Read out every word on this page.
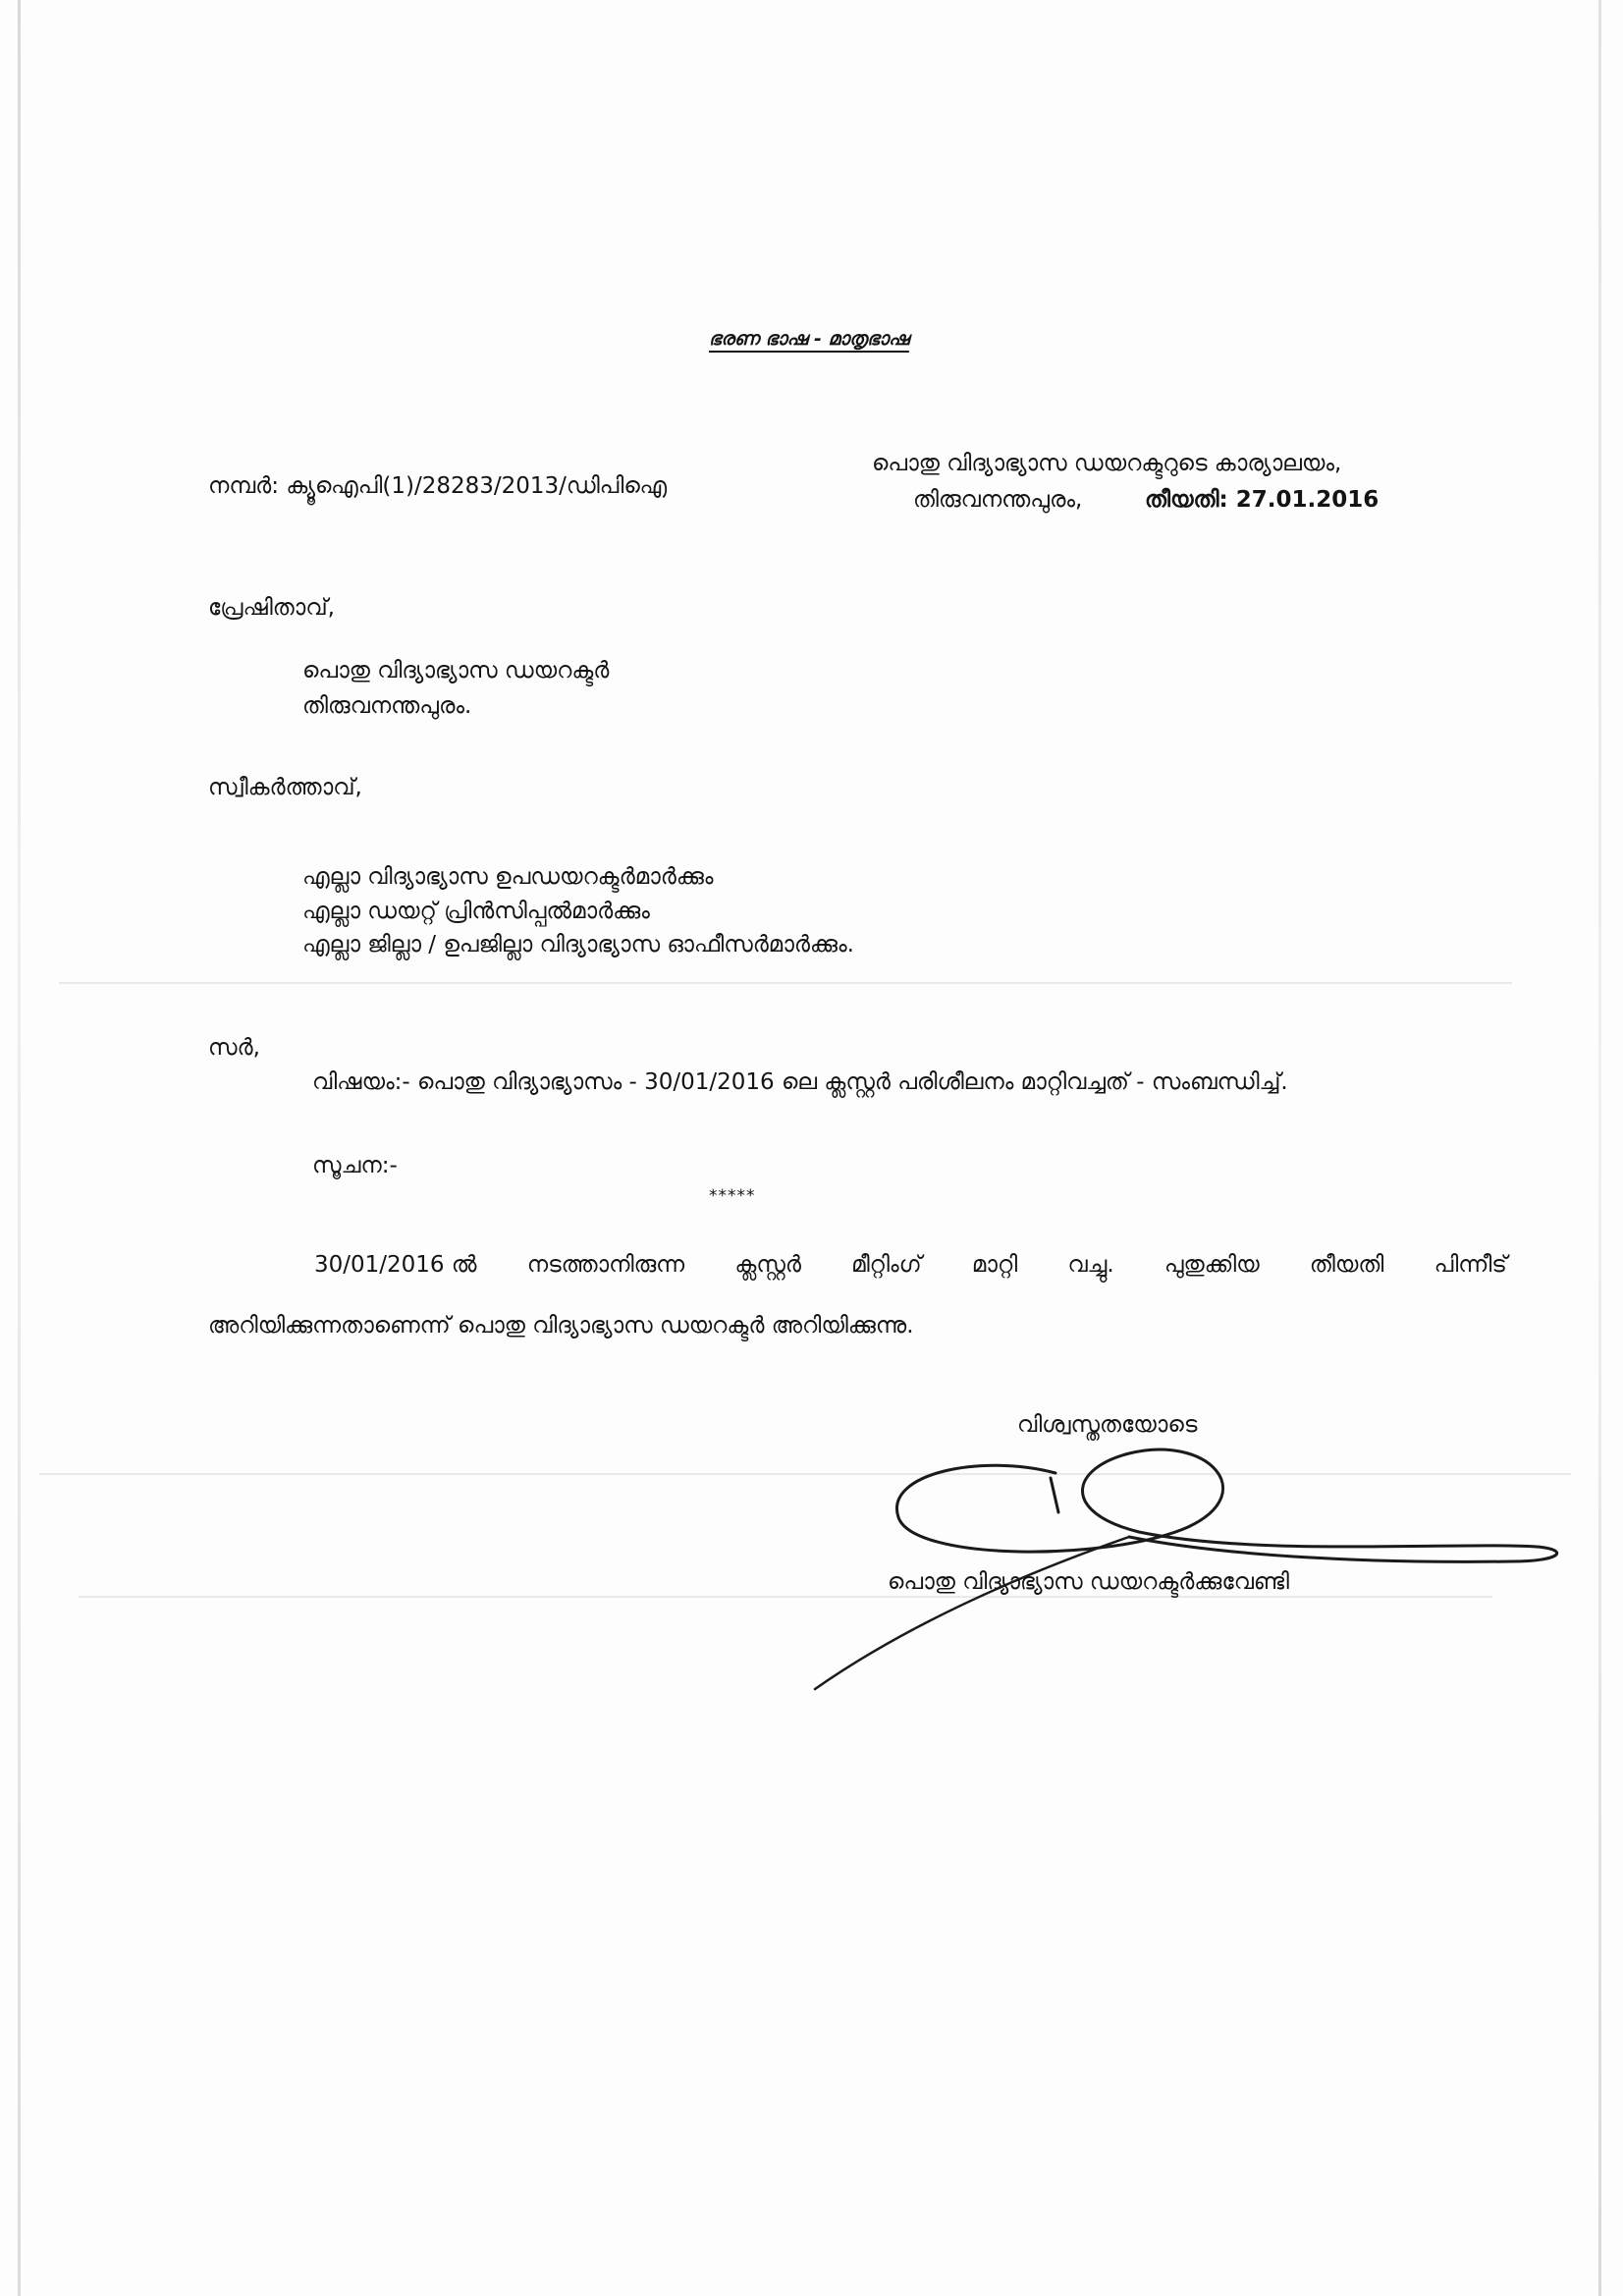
ഭരണ ഭാഷ - മാതൃഭാഷ
നമ്പർ: ക്യൂഐപി(1)/28283/2013/ഡിപിഐ
പൊതു വിദ്യാഭ്യാസ ഡയറക്ടറുടെ കാര്യാലയം,
തിരുവനന്തപുരം,	തീയതി: 27.01.2016
പ്രേഷിതാവ്,
പൊതു വിദ്യാഭ്യാസ ഡയറക്ടർ
തിരുവനന്തപുരം.
സ്വീകർത്താവ്,
എല്ലാ വിദ്യാഭ്യാസ ഉപഡയറക്ടർമാർക്കും
എല്ലാ ഡയറ്റ് പ്രിൻസിപ്പൽമാർക്കും
എല്ലാ ജില്ലാ / ഉപജില്ലാ വിദ്യാഭ്യാസ ഓഫീസർമാർക്കും.
സർ,
വിഷയം:- പൊതു വിദ്യാഭ്യാസം - 30/01/2016 ലെ ക്ലസ്റ്റർ പരിശീലനം മാറ്റിവച്ചത് - സംബന്ധിച്ച്.
സൂചന:-
*****
30/01/2016 ൽ നടത്താനിരുന്ന ക്ലസ്റ്റർ മീറ്റിംഗ് മാറ്റി വച്ചു. പുതുക്കിയ തീയതി പിന്നീട്
അറിയിക്കുന്നതാണെന്ന് പൊതു വിദ്യാഭ്യാസ ഡയറക്ടർ അറിയിക്കുന്നു.
വിശ്വസ്തതയോടെ
പൊതു വിദ്യാഭ്യാസ ഡയറക്ടർക്കുവേണ്ടി
